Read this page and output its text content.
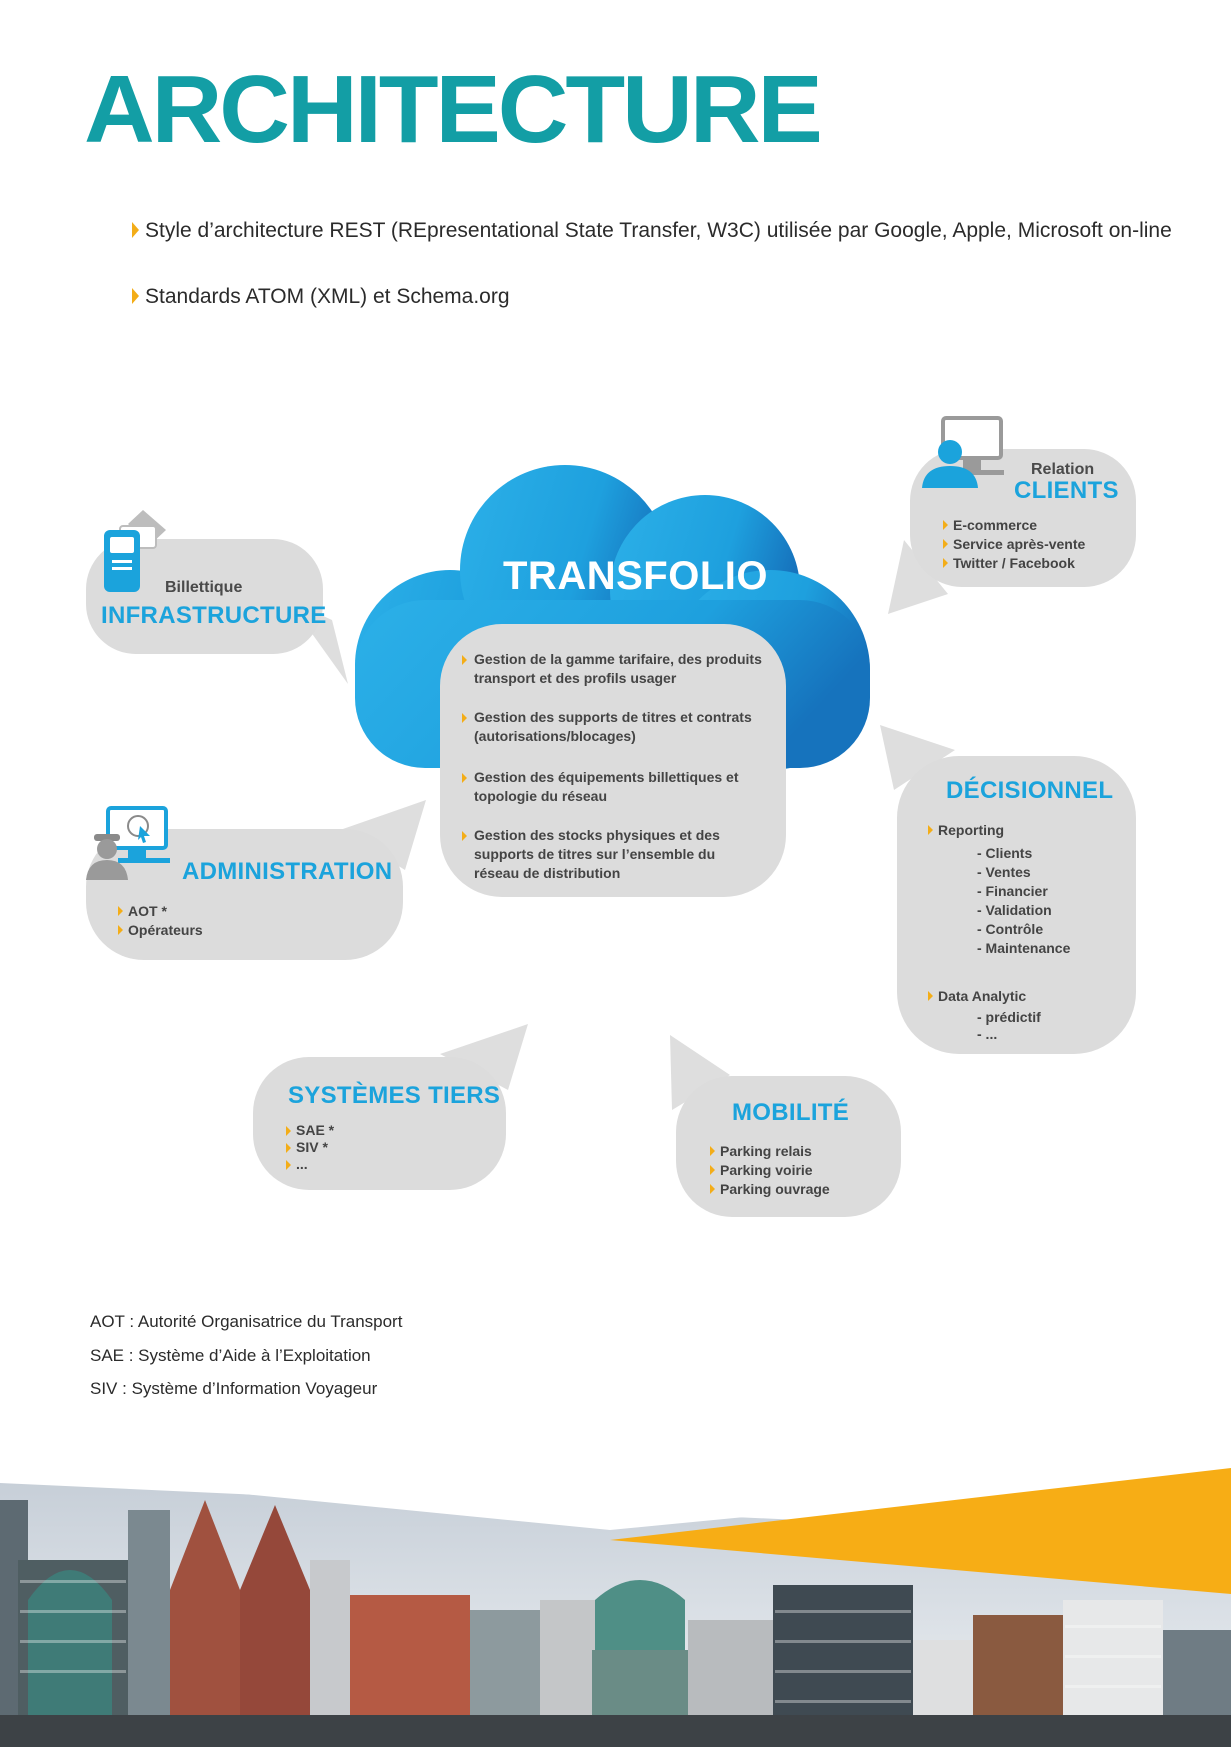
ARCHITECTURE
Style d’architecture REST (REpresentational State Transfer, W3C) utilisée par Google, Apple, Microsoft on-line
Standards ATOM (XML) et Schema.org
TRANSFOLIO
Gestion de la gamme tarifaire, des produits transport et des profils usager
Gestion des supports de titres et contrats (autorisations/blocages)
Gestion des équipements billettiques et topologie du réseau
Gestion des stocks physiques et des supports de titres sur l’ensemble du réseau de distribution
Billettique
INFRASTRUCTURE
Relation
CLIENTS
E-commerce
Service après-vente
Twitter / Facebook
ADMINISTRATION
AOT *
Opérateurs
DÉCISIONNEL
Reporting
- Clients
- Ventes
- Financier
- Validation
- Contrôle
- Maintenance
Data Analytic
- prédictif
- ...
SYSTÈMES TIERS
SAE *
SIV *
...
MOBILITÉ
Parking relais
Parking voirie
Parking ouvrage
AOT : Autorité Organisatrice du Transport
SAE : Système d’Aide à l’Exploitation
SIV : Système d’Information Voyageur
